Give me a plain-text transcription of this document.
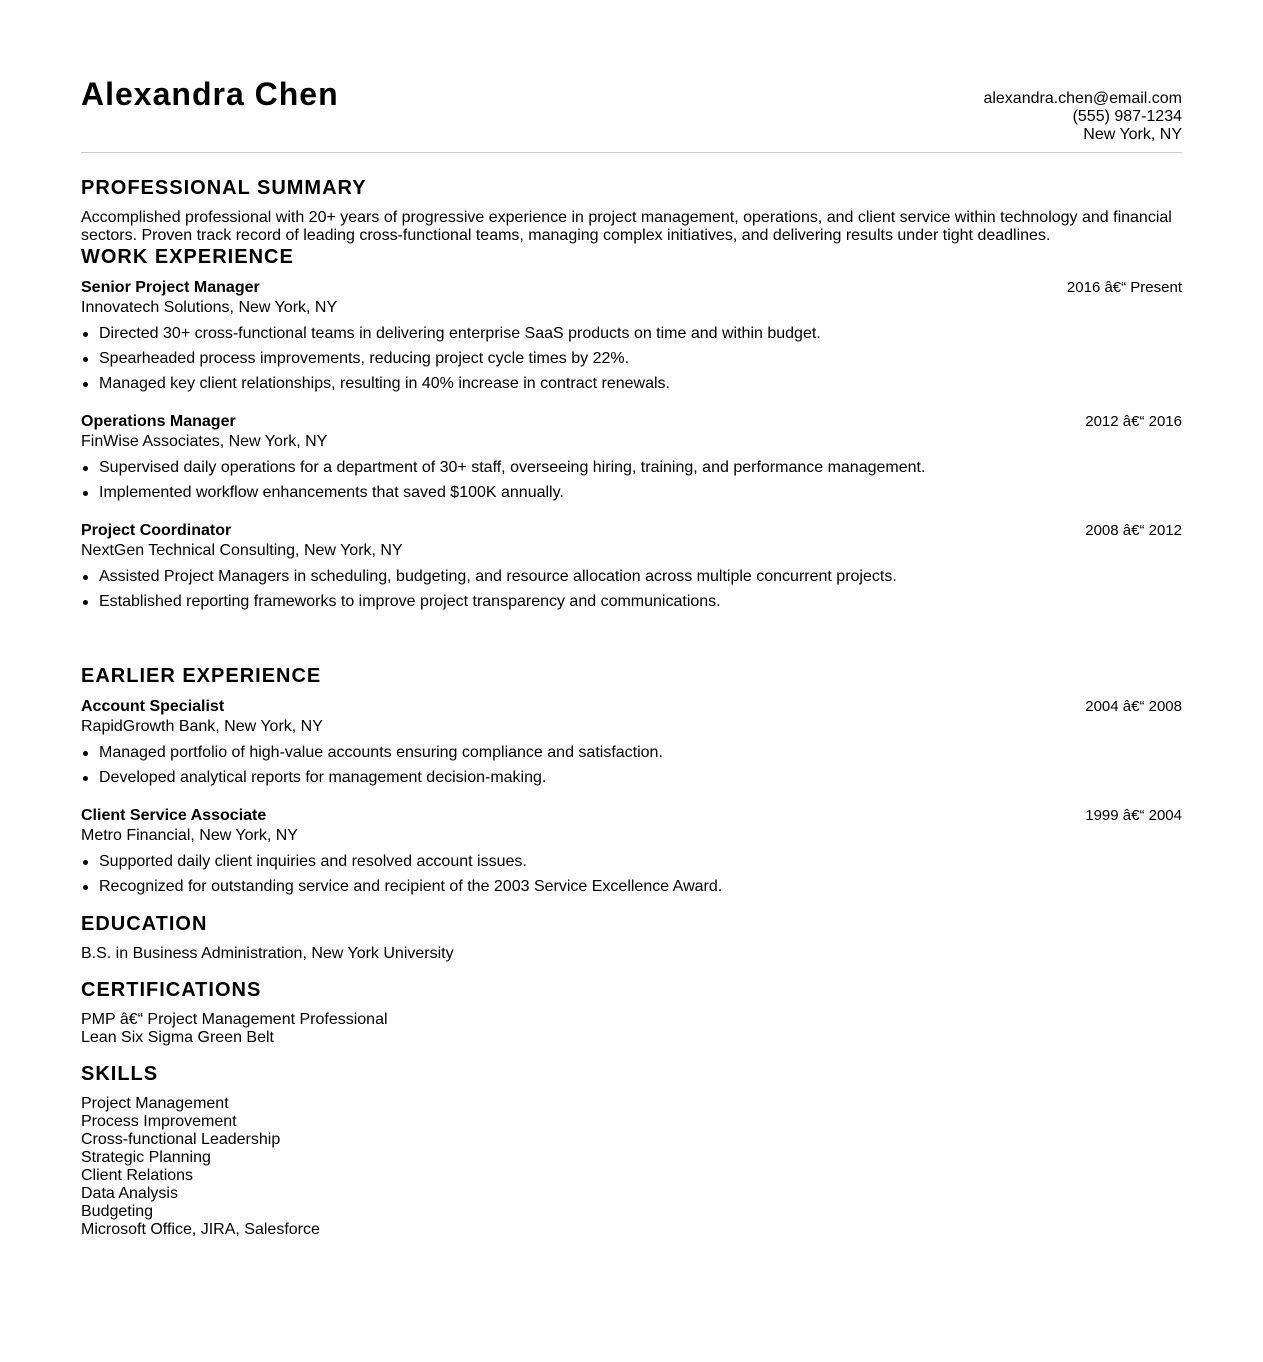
Alexandra Chen	alexandra.chen@email.com
(555) 987-1234
New York, NY
PROFESSIONAL SUMMARY
Accomplished professional with 20+ years of progressive experience in project management, operations, and client service within technology and financial sectors. Proven track record of leading cross-functional teams, managing complex initiatives, and delivering results under tight deadlines.
WORK EXPERIENCE
Senior Project Manager	2016 â€“ Present
Innovatech Solutions, New York, NY
Directed 30+ cross-functional teams in delivering enterprise SaaS products on time and within budget.
Spearheaded process improvements, reducing project cycle times by 22%.
Managed key client relationships, resulting in 40% increase in contract renewals.
Operations Manager	2012 â€“ 2016
FinWise Associates, New York, NY
Supervised daily operations for a department of 30+ staff, overseeing hiring, training, and performance management.
Implemented workflow enhancements that saved $100K annually.
Project Coordinator	2008 â€“ 2012
NextGen Technical Consulting, New York, NY
Assisted Project Managers in scheduling, budgeting, and resource allocation across multiple concurrent projects.
Established reporting frameworks to improve project transparency and communications.
EARLIER EXPERIENCE
Account Specialist	2004 â€“ 2008
RapidGrowth Bank, New York, NY
Managed portfolio of high-value accounts ensuring compliance and satisfaction.
Developed analytical reports for management decision-making.
Client Service Associate	1999 â€“ 2004
Metro Financial, New York, NY
Supported daily client inquiries and resolved account issues.
Recognized for outstanding service and recipient of the 2003 Service Excellence Award.
EDUCATION
B.S. in Business Administration, New York University
CERTIFICATIONS
PMP â€“ Project Management Professional
Lean Six Sigma Green Belt
SKILLS
Project Management
Process Improvement
Cross-functional Leadership
Strategic Planning
Client Relations
Data Analysis
Budgeting
Microsoft Office, JIRA, Salesforce
